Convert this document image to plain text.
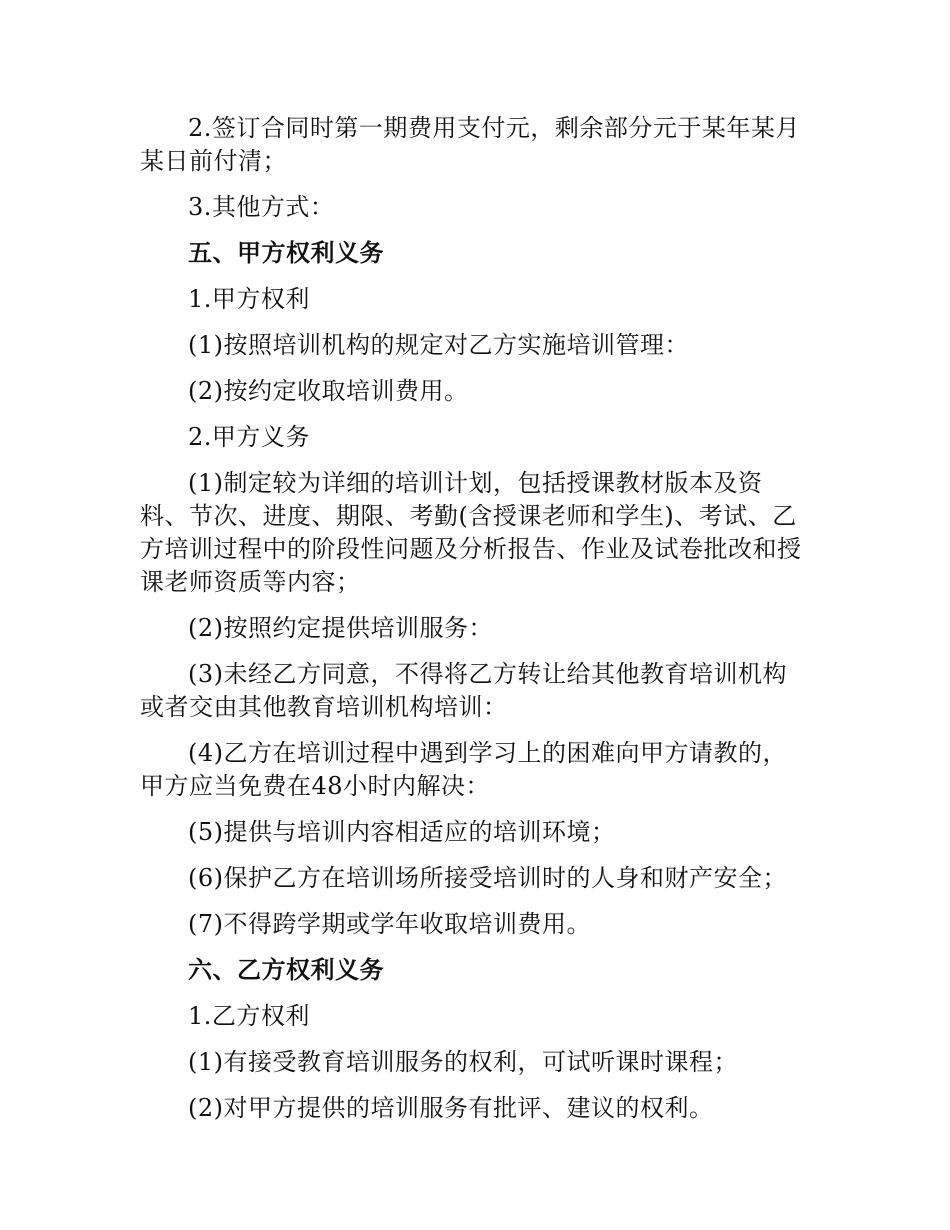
2.签订合同时第一期费用支付元，剩余部分元于某年某月某日前付清；

3.其他方式：

五、甲方权利义务

1.甲方权利

(1)按照培训机构的规定对乙方实施培训管理：

(2)按约定收取培训费用。

2.甲方义务

(1)制定较为详细的培训计划，包括授课教材版本及资料、节次、进度、期限、考勤(含授课老师和学生)、考试、乙方培训过程中的阶段性问题及分析报告、作业及试卷批改和授课老师资质等内容；

(2)按照约定提供培训服务：

(3)未经乙方同意，不得将乙方转让给其他教育培训机构或者交由其他教育培训机构培训：

(4)乙方在培训过程中遇到学习上的困难向甲方请教的，甲方应当免费在48小时内解决：

(5)提供与培训内容相适应的培训环境；

(6)保护乙方在培训场所接受培训时的人身和财产安全；

(7)不得跨学期或学年收取培训费用。

六、乙方权利义务

1.乙方权利

(1)有接受教育培训服务的权利，可试听课时课程；

(2)对甲方提供的培训服务有批评、建议的权利。
